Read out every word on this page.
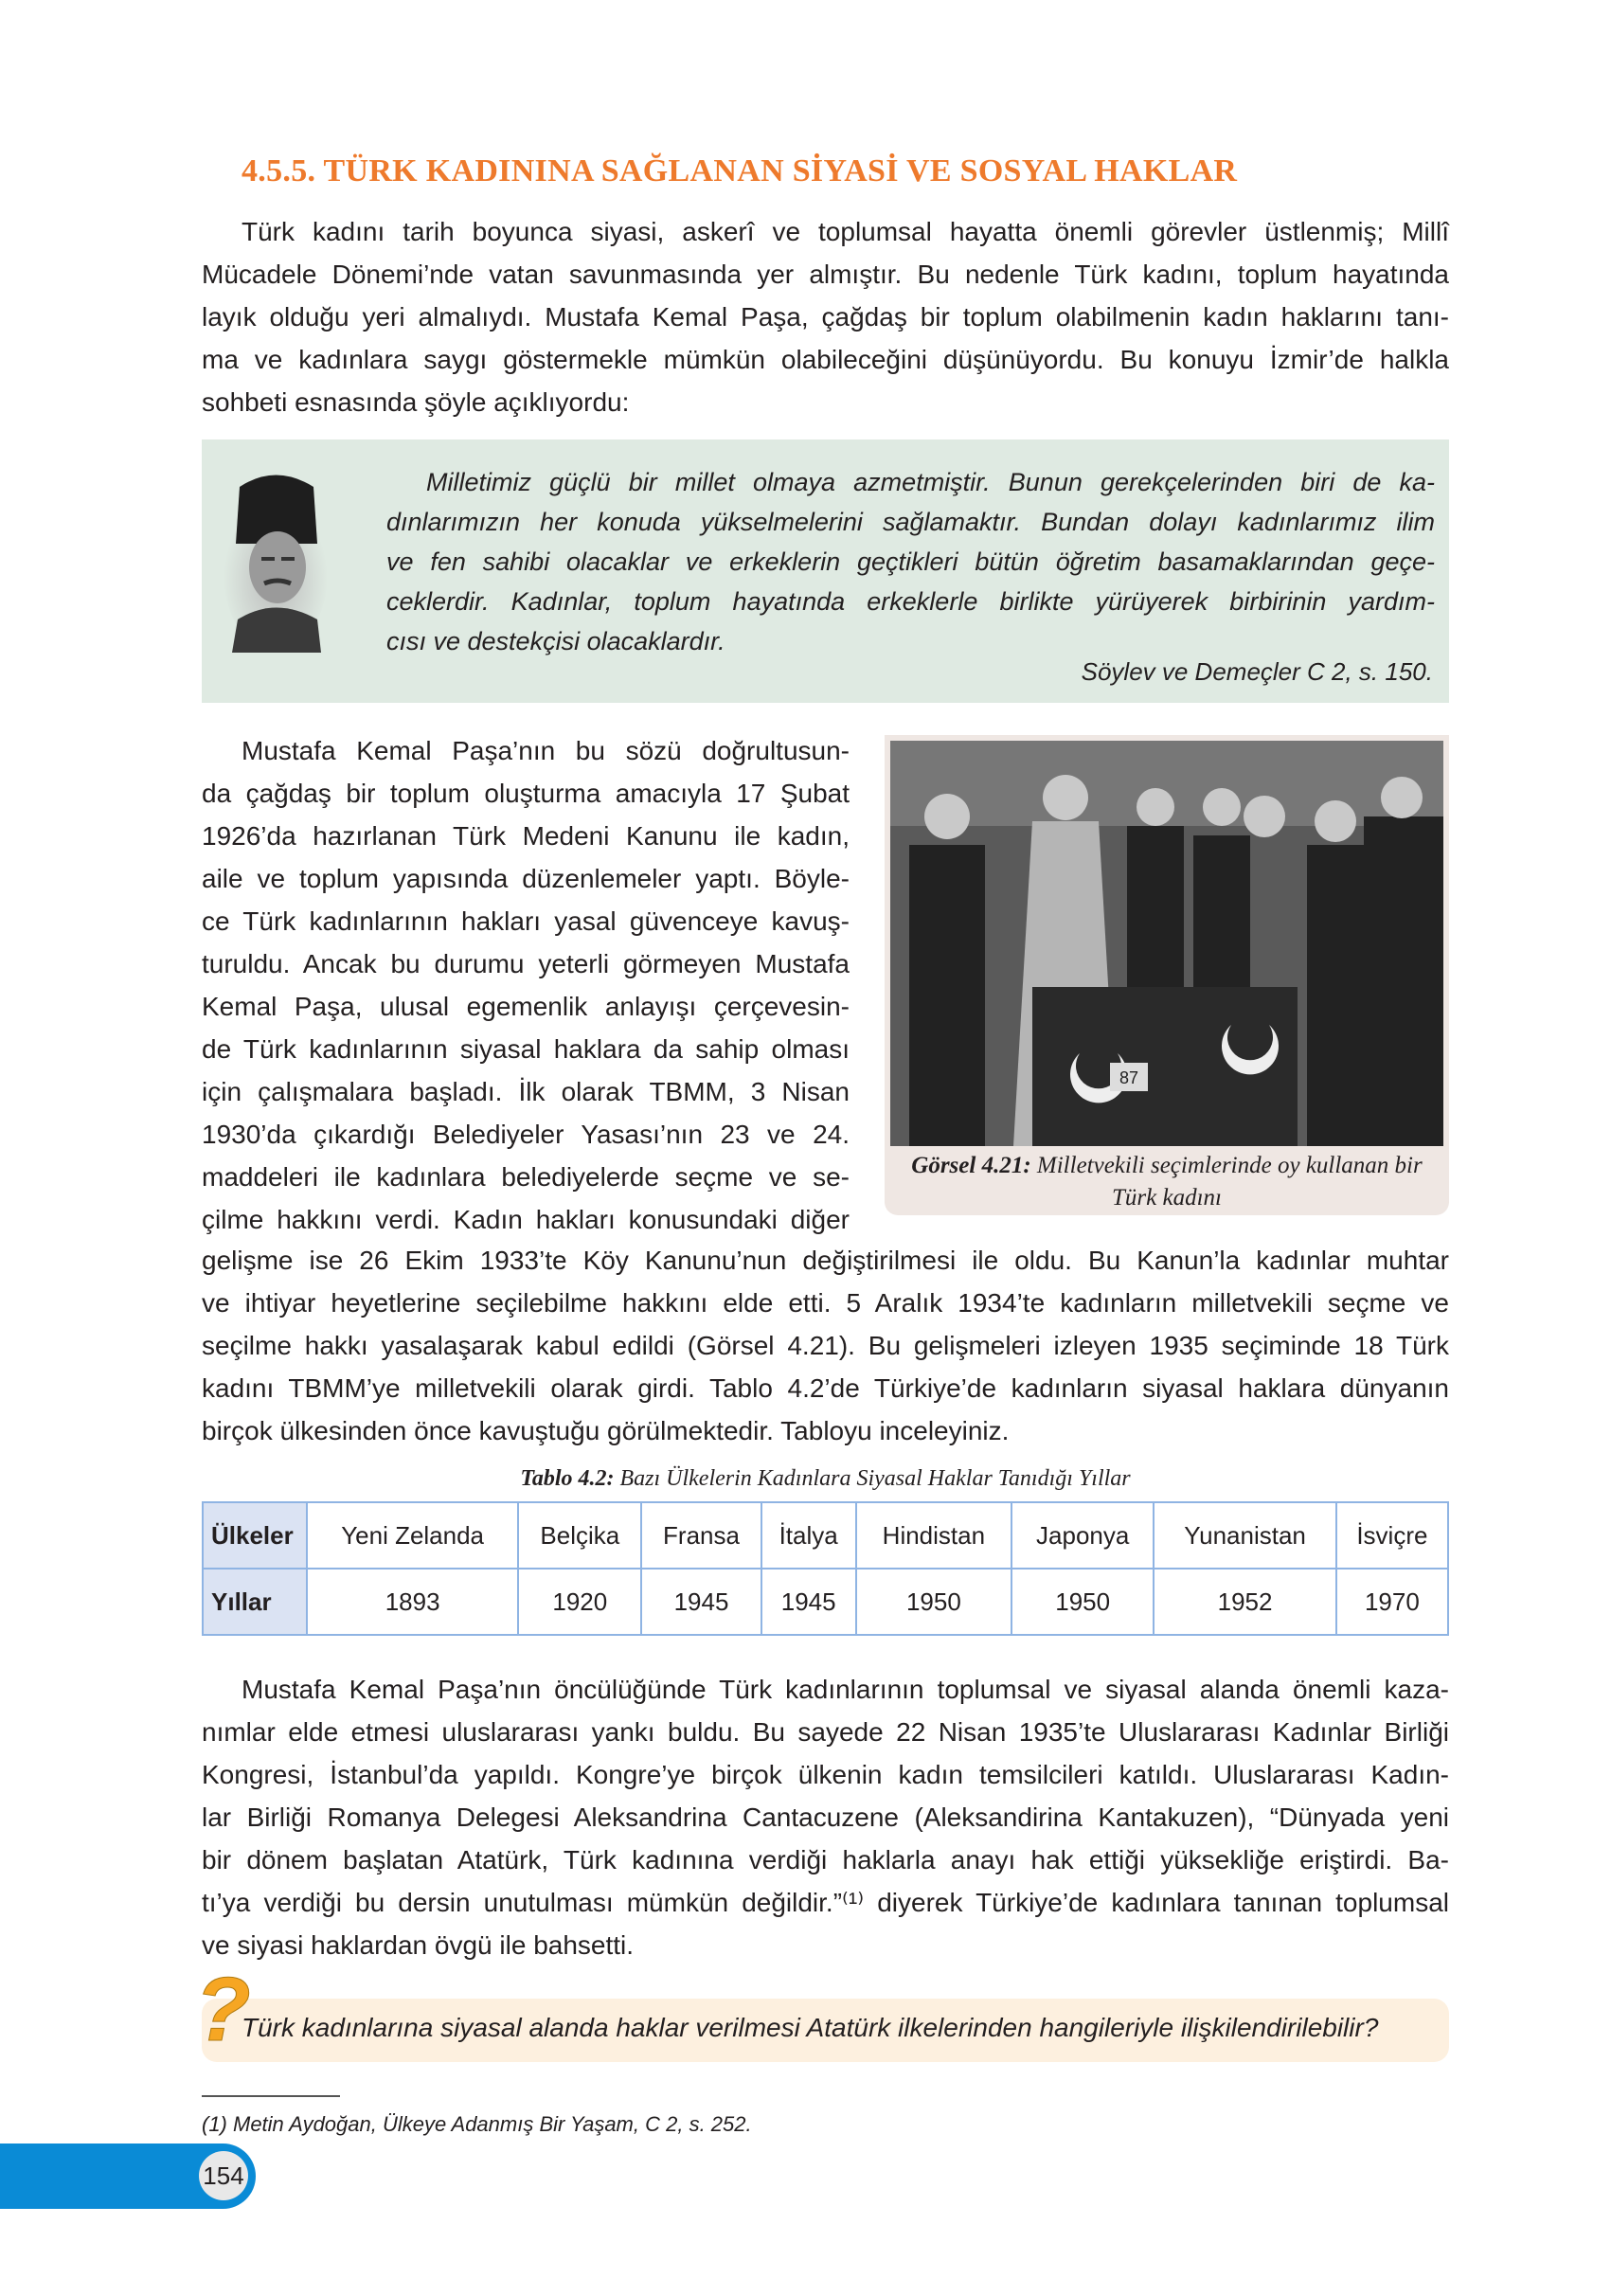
4.5.5. TÜRK KADININA SAĞLANAN SİYASİ VE SOSYAL HAKLAR
Türk kadını tarih boyunca siyasi, askerî ve toplumsal hayatta önemli görevler üstlenmiş; Millî
Mücadele Dönemi’nde vatan savunmasında yer almıştır. Bu nedenle Türk kadını, toplum hayatında
layık olduğu yeri almalıydı. Mustafa Kemal Paşa, çağdaş bir toplum olabilmenin kadın haklarını tanı-
ma ve kadınlara saygı göstermekle mümkün olabileceğini düşünüyordu. Bu konuyu İzmir’de halkla
sohbeti esnasında şöyle açıklıyordu:
Milletimiz güçlü bir millet olmaya azmetmiştir. Bunun gerekçelerinden biri de ka-
dınlarımızın her konuda yükselmelerini sağlamaktır. Bundan dolayı kadınlarımız ilim
ve fen sahibi olacaklar ve erkeklerin geçtikleri bütün öğretim basamaklarından geçe-
ceklerdir. Kadınlar, toplum hayatında erkeklerle birlikte yürüyerek birbirinin yardım-
cısı ve destekçisi olacaklardır.
Söylev ve Demeçler C 2, s. 150.
Mustafa Kemal Paşa’nın bu sözü doğrultusun-
da çağdaş bir toplum oluşturma amacıyla 17 Şubat
1926’da hazırlanan Türk Medeni Kanunu ile kadın,
aile ve toplum yapısında düzenlemeler yaptı. Böyle-
ce Türk kadınlarının hakları yasal güvenceye kavuş-
turuldu. Ancak bu durumu yeterli görmeyen Mustafa
Kemal Paşa, ulusal egemenlik anlayışı çerçevesin-
de Türk kadınlarının siyasal haklara da sahip olması
için çalışmalara başladı. İlk olarak TBMM, 3 Nisan
1930’da çıkardığı Belediyeler Yasası’nın 23 ve 24.
maddeleri ile kadınlara belediyelerde seçme ve se-
çilme hakkını verdi. Kadın hakları konusundaki diğer
87
Görsel 4.21: Milletvekili seçimlerinde oy kullanan bir
Türk kadını
gelişme ise 26 Ekim 1933’te Köy Kanunu’nun değiştirilmesi ile oldu. Bu Kanun’la kadınlar muhtar
ve ihtiyar heyetlerine seçilebilme hakkını elde etti. 5 Aralık 1934’te kadınların milletvekili seçme ve
seçilme hakkı yasalaşarak kabul edildi (Görsel 4.21). Bu gelişmeleri izleyen 1935 seçiminde 18 Türk
kadını TBMM’ye milletvekili olarak girdi. Tablo 4.2’de Türkiye’de kadınların siyasal haklara dünyanın
birçok ülkesinden önce kavuştuğu görülmektedir. Tabloyu inceleyiniz.
Tablo 4.2: Bazı Ülkelerin Kadınlara Siyasal Haklar Tanıdığı Yıllar
Ülkeler	Yeni Zelanda	Belçika	Fransa	İtalya	Hindistan	Japonya	Yunanistan	İsviçre
Yıllar	1893	1920	1945	1945	1950	1950	1952	1970
Mustafa Kemal Paşa’nın öncülüğünde Türk kadınlarının toplumsal ve siyasal alanda önemli kaza-
nımlar elde etmesi uluslararası yankı buldu. Bu sayede 22 Nisan 1935’te Uluslararası Kadınlar Birliği
Kongresi, İstanbul’da yapıldı. Kongre’ye birçok ülkenin kadın temsilcileri katıldı. Uluslararası Kadın-
lar Birliği Romanya Delegesi Aleksandrina Cantacuzene (Aleksandirina Kantakuzen), “Dünyada yeni
bir dönem başlatan Atatürk, Türk kadınına verdiği haklarla anayı hak ettiği yüksekliğe eriştirdi. Ba-
tı’ya verdiği bu dersin unutulması mümkün değildir.”⁽¹⁾ diyerek Türkiye’de kadınlara tanınan toplumsal
ve siyasi haklardan övgü ile bahsetti.
?
Türk kadınlarına siyasal alanda haklar verilmesi Atatürk ilkelerinden hangileriyle ilişkilendirilebilir?
(1) Metin Aydoğan, Ülkeye Adanmış Bir Yaşam, C 2, s. 252.
154
